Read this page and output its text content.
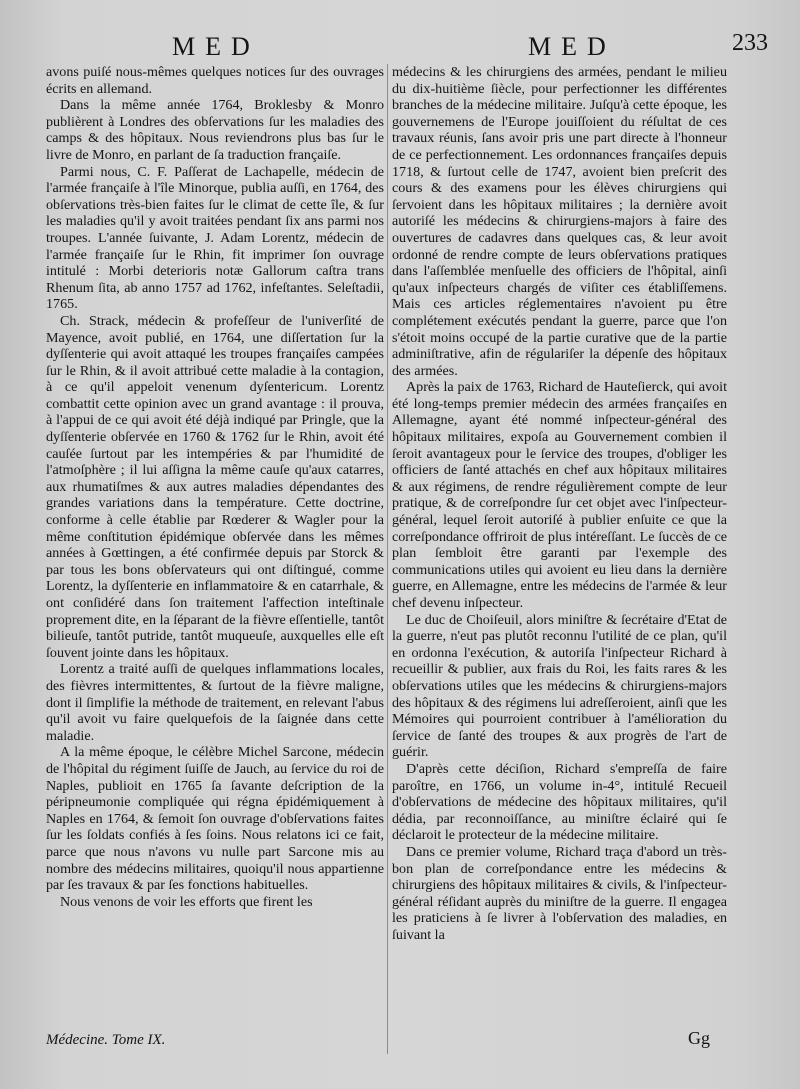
MED	MED	233

avons puiſé nous-mêmes quelques notices ſur des ouvrages écrits en allemand.

Dans la même année 1764, Broklesby & Monro publièrent à Londres des obſervations ſur les maladies des camps & des hôpitaux. Nous reviendrons plus bas ſur le livre de Monro, en parlant de ſa traduction françaiſe.

Parmi nous, C. F. Paſſerat de Lachapelle, médecin de l'armée françaiſe à l'île Minorque, publia auſſi, en 1764, des obſervations très-bien faites ſur le climat de cette île, & ſur les maladies qu'il y avoit traitées pendant ſix ans parmi nos troupes. L'année ſuivante, J. Adam Lorentz, médecin de l'armée françaiſe ſur le Rhin, fit imprimer ſon ouvrage intitulé : Morbi deterioris notæ Gallorum caſtra trans Rhenum ſita, ab anno 1757 ad 1762, infeſtantes. Seleſtadii, 1765.

Ch. Strack, médecin & profeſſeur de l'univerſité de Mayence, avoit publié, en 1764, une diſſertation ſur la dyſſenterie qui avoit attaqué les troupes françaiſes campées ſur le Rhin, & il avoit attribué cette maladie à la contagion, à ce qu'il appeloit venenum dyſentericum. Lorentz combattit cette opinion avec un grand avantage : il prouva, à l'appui de ce qui avoit été déjà indiqué par Pringle, que la dyſſenterie obſervée en 1760 & 1762 ſur le Rhin, avoit été cauſée ſurtout par les intempéries & par l'humidité de l'atmoſphère ; il lui aſſigna la même cauſe qu'aux catarres, aux rhumatiſmes & aux autres maladies dépendantes des grandes variations dans la température. Cette doctrine, conforme à celle établie par Rœderer & Wagler pour la même conſtitution épidémique obſervée dans les mêmes années à Gœttingen, a été confirmée depuis par Storck & par tous les bons obſervateurs qui ont diſtingué, comme Lorentz, la dyſſenterie en inflammatoire & en catarrhale, & ont conſidéré dans ſon traitement l'affection inteſtinale proprement dite, en la ſéparant de la fièvre eſſentielle, tantôt bilieuſe, tantôt putride, tantôt muqueuſe, auxquelles elle eſt ſouvent jointe dans les hôpitaux.

Lorentz a traité auſſi de quelques inflammations locales, des fièvres intermittentes, & ſurtout de la fièvre maligne, dont il ſimplifie la méthode de traitement, en relevant l'abus qu'il avoit vu faire quelquefois de la ſaignée dans cette maladie.

A la même époque, le célèbre Michel Sarcone, médecin de l'hôpital du régiment ſuiſſe de Jauch, au ſervice du roi de Naples, publioit en 1765 ſa ſavante deſcription de la péripneumonie compliquée qui régna épidémiquement à Naples en 1764, & ſemoit ſon ouvrage d'obſervations faites ſur les ſoldats confiés à ſes ſoins. Nous relatons ici ce fait, parce que nous n'avons vu nulle part Sarcone mis au nombre des médecins militaires, quoiqu'il nous appartienne par ſes travaux & par ſes fonctions habituelles.

Nous venons de voir les efforts que firent les

médecins & les chirurgiens des armées, pendant le milieu du dix-huitième ſiècle, pour perfectionner les différentes branches de la médecine militaire. Juſqu'à cette époque, les gouvernemens de l'Europe jouiſſoient du réſultat de ces travaux réunis, ſans avoir pris une part directe à l'honneur de ce perfectionnement. Les ordonnances françaiſes depuis 1718, & ſurtout celle de 1747, avoient bien preſcrit des cours & des examens pour les élèves chirurgiens qui ſervoient dans les hôpitaux militaires ; la dernière avoit autoriſé les médecins & chirurgiens-majors à faire des ouvertures de cadavres dans quelques cas, & leur avoit ordonné de rendre compte de leurs obſervations pratiques dans l'aſſemblée menſuelle des officiers de l'hôpital, ainſi qu'aux inſpecteurs chargés de viſiter ces établiſſemens. Mais ces articles réglementaires n'avoient pu être complétement exécutés pendant la guerre, parce que l'on s'étoit moins occupé de la partie curative que de la partie adminiſtrative, afin de régulariſer la dépenſe des hôpitaux des armées.

Après la paix de 1763, Richard de Hauteſierck, qui avoit été long-temps premier médecin des armées françaiſes en Allemagne, ayant été nommé inſpecteur-général des hôpitaux militaires, expoſa au Gouvernement combien il ſeroit avantageux pour le ſervice des troupes, d'obliger les officiers de ſanté attachés en chef aux hôpitaux militaires & aux régimens, de rendre régulièrement compte de leur pratique, & de correſpondre ſur cet objet avec l'inſpecteur-général, lequel ſeroit autoriſé à publier enſuite ce que la correſpondance offriroit de plus intéreſſant. Le ſuccès de ce plan ſembloit être garanti par l'exemple des communications utiles qui avoient eu lieu dans la dernière guerre, en Allemagne, entre les médecins de l'armée & leur chef devenu inſpecteur.

Le duc de Choiſeuil, alors miniſtre & ſecrétaire d'Etat de la guerre, n'eut pas plutôt reconnu l'utilité de ce plan, qu'il en ordonna l'exécution, & autoriſa l'inſpecteur Richard à recueillir & publier, aux frais du Roi, les faits rares & les obſervations utiles que les médecins & chirurgiens-majors des hôpitaux & des régimens lui adreſſeroient, ainſi que les Mémoires qui pourroient contribuer à l'amélioration du ſervice de ſanté des troupes & aux progrès de l'art de guérir.

D'après cette déciſion, Richard s'empreſſa de faire paroître, en 1766, un volume in-4°, intitulé Recueil d'obſervations de médecine des hôpitaux militaires, qu'il dédia, par reconnoiſſance, au miniſtre éclairé qui ſe déclaroit le protecteur de la médecine militaire.

Dans ce premier volume, Richard traça d'abord un très-bon plan de correſpondance entre les médecins & chirurgiens des hôpitaux militaires & civils, & l'inſpecteur-général réſidant auprès du miniſtre de la guerre. Il engagea les praticiens à ſe livrer à l'obſervation des maladies, en ſuivant la

Médecine. Tome IX.	Gg
